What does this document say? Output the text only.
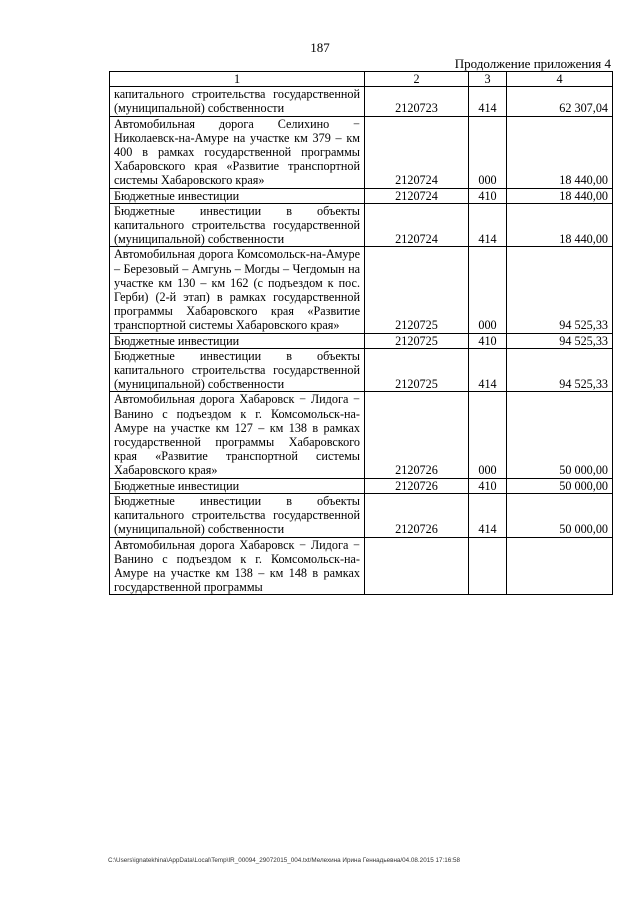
187
Продолжение приложения 4
1	2	3	4
капитального строительства государственной (муниципальной) собственности	2120723	414	62 307,04
Автомобильная дорога Селихино − Николаевск-на-Амуре на участке км 379 – км 400 в рамках государственной программы Хабаровского края «Развитие транспортной системы Хабаровского края»	2120724	000	18 440,00
Бюджетные инвестиции	2120724	410	18 440,00
Бюджетные инвестиции в объекты капитального строительства государственной (муниципальной) собственности	2120724	414	18 440,00
Автомобильная дорога Комсомольск-на-Амуре – Березовый – Амгунь – Могды – Чегдомын на участке км 130 – км 162 (с подъездом к пос. Герби) (2-й этап) в рамках государственной программы Хабаровского края «Развитие транспортной системы Хабаровского края»	2120725	000	94 525,33
Бюджетные инвестиции	2120725	410	94 525,33
Бюджетные инвестиции в объекты капитального строительства государственной (муниципальной) собственности	2120725	414	94 525,33
Автомобильная дорога Хабаровск − Лидога − Ванино с подъездом к г. Комсомольск-на-Амуре на участке км 127 – км 138 в рамках государственной программы Хабаровского края «Развитие транспортной системы Хабаровского края»	2120726	000	50 000,00
Бюджетные инвестиции	2120726	410	50 000,00
Бюджетные инвестиции в объекты капитального строительства государственной (муниципальной) собственности	2120726	414	50 000,00
Автомобильная дорога Хабаровск − Лидога − Ванино с подъездом к г. Комсомольск-на-Амуре на участке км 138 – км 148 в рамках государственной программы			
C:\Users\ignatekhina\AppData\Local\Temp\IR_00094_29072015_004.txt/Мелехина Ирина Геннадьевна/04.08.2015 17:16:58
